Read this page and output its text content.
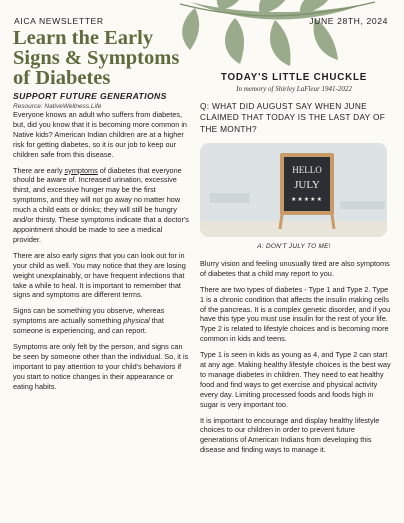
AICA NEWSLETTER	JUNE 28TH, 2024
Learn the Early Signs & Symptoms of Diabetes
SUPPORT FUTURE GENERATIONS
Resource: NativeWellness.Life

Everyone knows an adult who suffers from diabetes, but, did you know that it is becoming more common in Native kids? American Indian children are at a higher risk for getting diabetes, so it is our job to keep our children safe from this disease.

There are early symptoms of diabetes that everyone should be aware of. Increased urination, excessive thirst, and excessive hunger may be the first symptoms, and they will not go away no matter how much a child eats or drinks; they will still be hungry and/or thirsty. These symptoms indicate that a doctor's appointment should be made to see a medical provider.

There are also early signs that you can look out for in your child as well. You may notice that they are losing weight unexplainably, or have frequent infections that take a while to heal. It is important to remember that signs and symptoms are different terms.

Signs can be something you observe, whereas symptoms are actually something physical that someone is experiencing, and can report.

Symptoms are only felt by the person, and signs can be seen by someone other than the individual. So, it is important to pay attention to your child's behaviors if you start to notice changes in their appearance or eating habits.

TODAY'S LITTLE CHUCKLE
In memory of Shirley LaFleur 1941-2022
Q: WHAT DID AUGUST SAY WHEN JUNE CLAIMED THAT TODAY IS THE LAST DAY OF THE MONTH?
HELLO
JULY
★★★★★
A: DON'T JULY TO ME!

Blurry vision and feeling unusually tired are also symptoms of diabetes that a child may report to you.

There are two types of diabetes - Type 1 and Type 2. Type 1 is a chronic condition that affects the insulin making cells of the pancreas. It is a complex genetic disorder, and if you have this type you must use insulin for the rest of your life. Type 2 is related to lifestyle choices and is becoming more common in kids and teens.

Type 1 is seen in kids as young as 4, and Type 2 can start at any age. Making healthy lifestyle choices is the best way to manage diabetes in children. They need to eat healthy food and find ways to get exercise and physical activity every day. Limiting processed foods and foods high in sugar is very important too.

It is important to encourage and display healthy lifestyle choices to our children in order to prevent future generations of American Indians from developing this disease and finding ways to manage it.
